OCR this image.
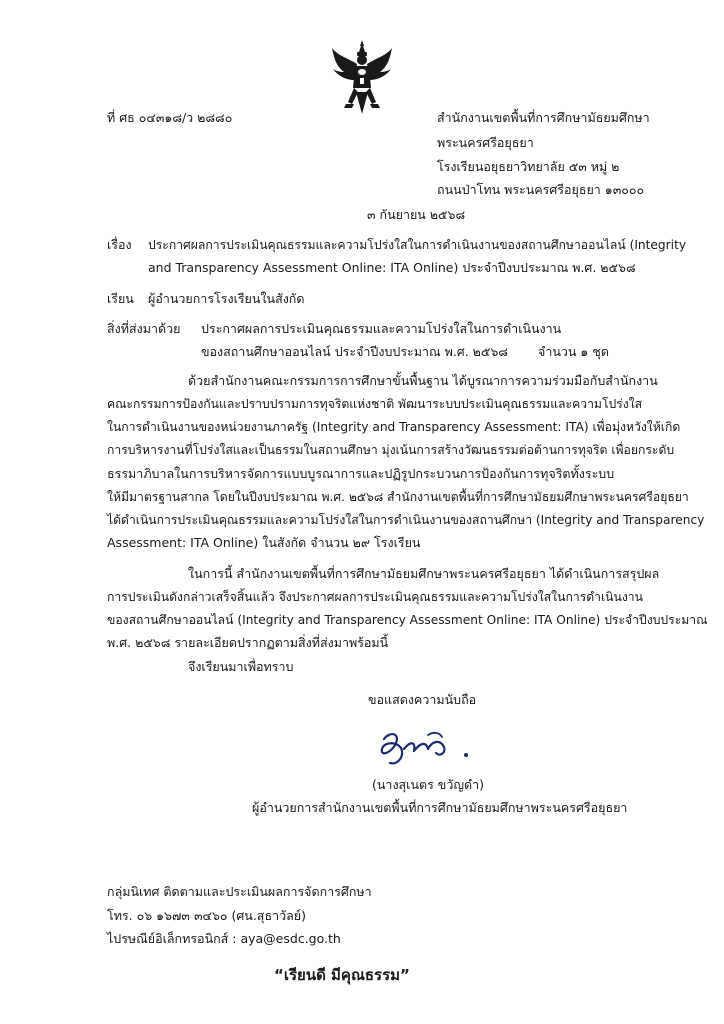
ที่ ศธ ๐๔๓๑๘/ว ๒๘๘๐	สำนักงานเขตพื้นที่การศึกษามัธยมศึกษา
พระนครศรีอยุธยา
โรงเรียนอยุธยาวิทยาลัย ๕๓ หมู่ ๒
ถนนป่าโทน พระนครศรีอยุธยา ๑๓๐๐๐
๓ กันยายน ๒๕๖๘
เรื่อง ประกาศผลการประเมินคุณธรรมและความโปร่งใสในการดำเนินงานของสถานศึกษาออนไลน์ (Integrity
and Transparency Assessment Online: ITA Online) ประจำปีงบประมาณ พ.ศ. ๒๕๖๘
เรียน ผู้อำนวยการโรงเรียนในสังกัด
สิ่งที่ส่งมาด้วย ประกาศผลการประเมินคุณธรรมและความโปร่งใสในการดำเนินงาน
ของสถานศึกษาออนไลน์ ประจำปีงบประมาณ พ.ศ. ๒๕๖๘ จำนวน ๑ ชุด
ด้วยสำนักงานคณะกรรมการการศึกษาขั้นพื้นฐาน ได้บูรณาการความร่วมมือกับสำนักงาน
คณะกรรมการป้องกันและปราบปรามการทุจริตแห่งชาติ พัฒนาระบบประเมินคุณธรรมและความโปร่งใส
ในการดำเนินงานของหน่วยงานภาครัฐ (Integrity and Transparency Assessment: ITA) เพื่อมุ่งหวังให้เกิด
การบริหารงานที่โปร่งใสและเป็นธรรมในสถานศึกษา มุ่งเน้นการสร้างวัฒนธรรมต่อต้านการทุจริต เพื่อยกระดับ
ธรรมาภิบาลในการบริหารจัดการแบบบูรณาการและปฏิรูปกระบวนการป้องกันการทุจริตทั้งระบบ
ให้มีมาตรฐานสากล โดยในปีงบประมาณ พ.ศ. ๒๕๖๘ สำนักงานเขตพื้นที่การศึกษามัธยมศึกษาพระนครศรีอยุธยา
ได้ดำเนินการประเมินคุณธรรมและความโปร่งใสในการดำเนินงานของสถานศึกษา (Integrity and Transparency
Assessment: ITA Online) ในสังกัด จำนวน ๒๙ โรงเรียน
ในการนี้ สำนักงานเขตพื้นที่การศึกษามัธยมศึกษาพระนครศรีอยุธยา ได้ดำเนินการสรุปผล
การประเมินดังกล่าวเสร็จสิ้นแล้ว จึงประกาศผลการประเมินคุณธรรมและความโปร่งใสในการดำเนินงาน
ของสถานศึกษาออนไลน์ (Integrity and Transparency Assessment Online: ITA Online) ประจำปีงบประมาณ
พ.ศ. ๒๕๖๘ รายละเอียดปรากฏตามสิ่งที่ส่งมาพร้อมนี้
จึงเรียนมาเพื่อทราบ
ขอแสดงความนับถือ
(นางสุเนตร ขวัญดำ)
ผู้อำนวยการสำนักงานเขตพื้นที่การศึกษามัธยมศึกษาพระนครศรีอยุธยา
กลุ่มนิเทศ ติดตามและประเมินผลการจัดการศึกษา
โทร. ๐๖ ๑๖๗๓ ๓๔๖๐ (ศน.สุธาวัลย์)
ไปรษณีย์อิเล็กทรอนิกส์ : aya@esdc.go.th
“เรียนดี มีคุณธรรม”
